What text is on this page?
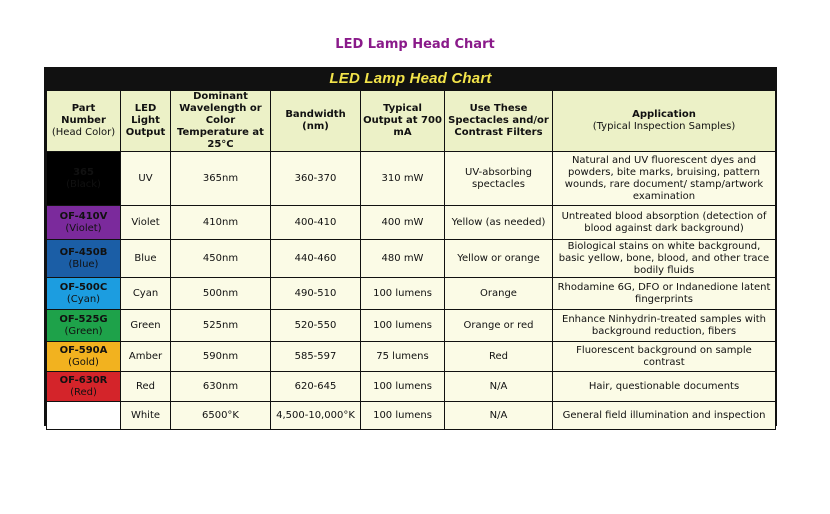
LED Lamp Head Chart
LED Lamp Head Chart
Part Number
(Head Color)	LED Light Output	Dominant Wavelength or Color Temperature at 25°C	Bandwidth (nm)	Typical Output at 700 mA	Use These Spectacles and/or Contrast Filters	Application
(Typical Inspection Samples)

365
(Black)	UV	365nm	360-370	310 mW	UV-absorbing spectacles	Natural and UV fluorescent dyes and powders, bite marks, bruising, pattern wounds, rare document/ stamp/artwork examination

OF-410V
(Violet)	Violet	410nm	400-410	400 mW	Yellow (as needed)	Untreated blood absorption (detection of blood against dark background)

OF-450B
(Blue)	Blue	450nm	440-460	480 mW	Yellow or orange	Biological stains on white background, basic yellow, bone, blood, and other trace bodily fluids

OF-500C
(Cyan)	Cyan	500nm	490-510	100 lumens	Orange	Rhodamine 6G, DFO or Indanedione latent fingerprints

OF-525G
(Green)	Green	525nm	520-550	100 lumens	Orange or red	Enhance Ninhydrin-treated samples with background reduction, fibers

OF-590A
(Gold)	Amber	590nm	585-597	75 lumens	Red	Fluorescent background on sample contrast

OF-630R
(Red)	Red	630nm	620-645	100 lumens	N/A	Hair, questionable documents

	White	6500°K	4,500-10,000°K	100 lumens	N/A	General field illumination and inspection
